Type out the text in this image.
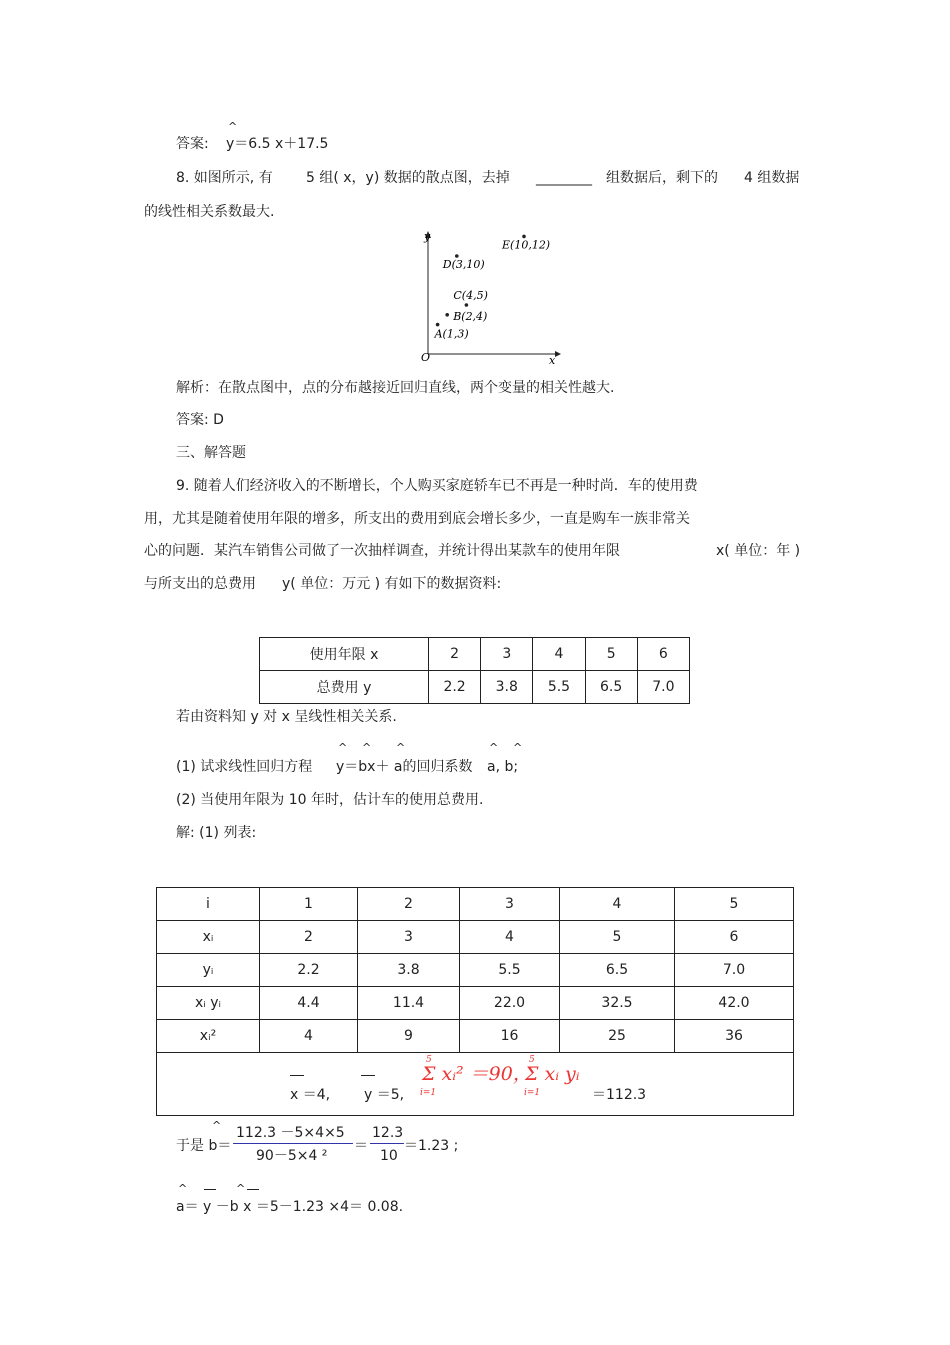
^
答案: y＝6.5 x＋17.5
8. 如图所示, 有 5 组( x，y) 数据的散点图，去掉 ________ 组数据后，剩下的 4 组数据
的线性相关系数最大.
y
x
O
A(1,3)
B(2,4)
C(4,5)
D(3,10)
E(10,12)
解析：在散点图中，点的分布越接近回归直线，两个变量的相关性越大.
答案: D
三、解答题
9. 随着人们经济收入的不断增长，个人购买家庭轿车已不再是一种时尚．车的使用费
用，尤其是随着使用年限的增多，所支出的费用到底会增长多少，一直是购车一族非常关
心的问题．某汽车销售公司做了一次抽样调查，并统计得出某款车的使用年限	x( 单位：年 )
与所支出的总费用 y( 单位：万元 ) 有如下的数据资料:
使用年限 x	2	3	4	5	6
总费用 y	2.2	3.8	5.5	6.5	7.0
若由资料知 y 对 x 呈线性相关关系.
^ ^ ^	^ ^
(1) 试求线性回归方程 y＝bx＋ a的回归系数 a, b;
(2) 当使用年限为 10 年时，估计车的使用总费用.
解: (1) 列表:
i	1	2	3	4	5
xᵢ	2	3	4	5	6
yᵢ	2.2	3.8	5.5	6.5	7.0
xᵢ yᵢ	4.4	11.4	22.0	32.5	42.0
xᵢ²	4	9	16	25	36

x ＝4, y ＝5,
5
i=1
Σ xᵢ² ＝90，
5
i=1
Σ xᵢ yᵢ
＝112.3
^
于是 b＝
112.3 －5×4×5
90－5×4 ²
＝
12.3
10
＝1.23 ;
^	^
a＝ y －b x ＝5－1.23 ×4＝ 0.08.
